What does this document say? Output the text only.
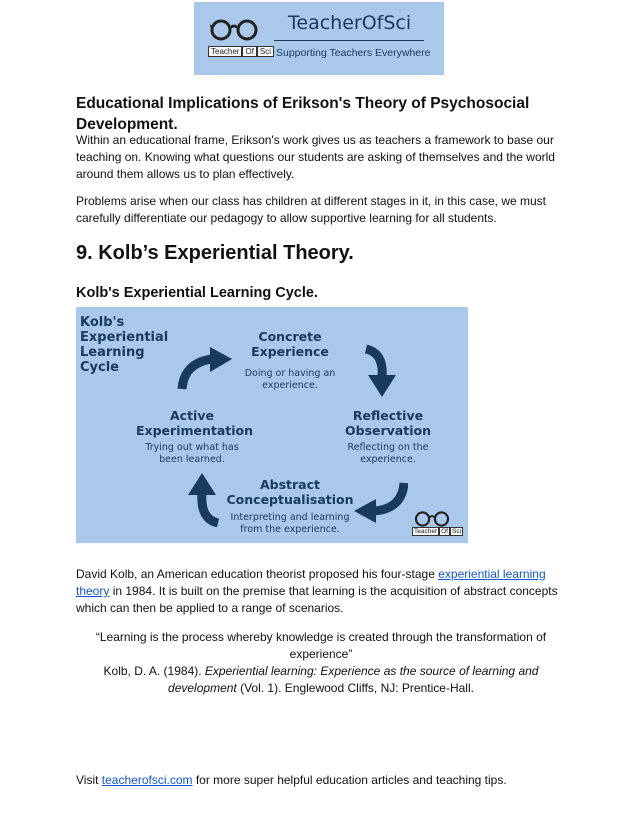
Teacher Of Sci
TeacherOfSci
Supporting Teachers Everywhere
Educational Implications of Erikson's Theory of Psychosocial Development.
Within an educational frame, Erikson's work gives us as teachers a framework to base our teaching on. Knowing what questions our students are asking of themselves and the world around them allows us to plan effectively.
Problems arise when our class has children at different stages in it, in this case, we must carefully differentiate our pedagogy to allow supportive learning for all students.
9. Kolb’s Experiential Theory.
Kolb's Experiential Learning Cycle.
Kolb's Experiential Learning Cycle
Concrete Experience
Doing or having an experience.
Reflective Observation
Reflecting on the experience.
Abstract Conceptualisation
Interpreting and learning from the experience.
Active Experimentation
Trying out what has been learned.
Teacher Of Sci
David Kolb, an American education theorist proposed his four-stage experiential learning theory in 1984. It is built on the premise that learning is the acquisition of abstract concepts which can then be applied to a range of scenarios.
“Learning is the process whereby knowledge is created through the transformation of experience”
Kolb, D. A. (1984). Experiential learning: Experience as the source of learning and development (Vol. 1). Englewood Cliffs, NJ: Prentice-Hall.
Visit teacherofsci.com for more super helpful education articles and teaching tips.
